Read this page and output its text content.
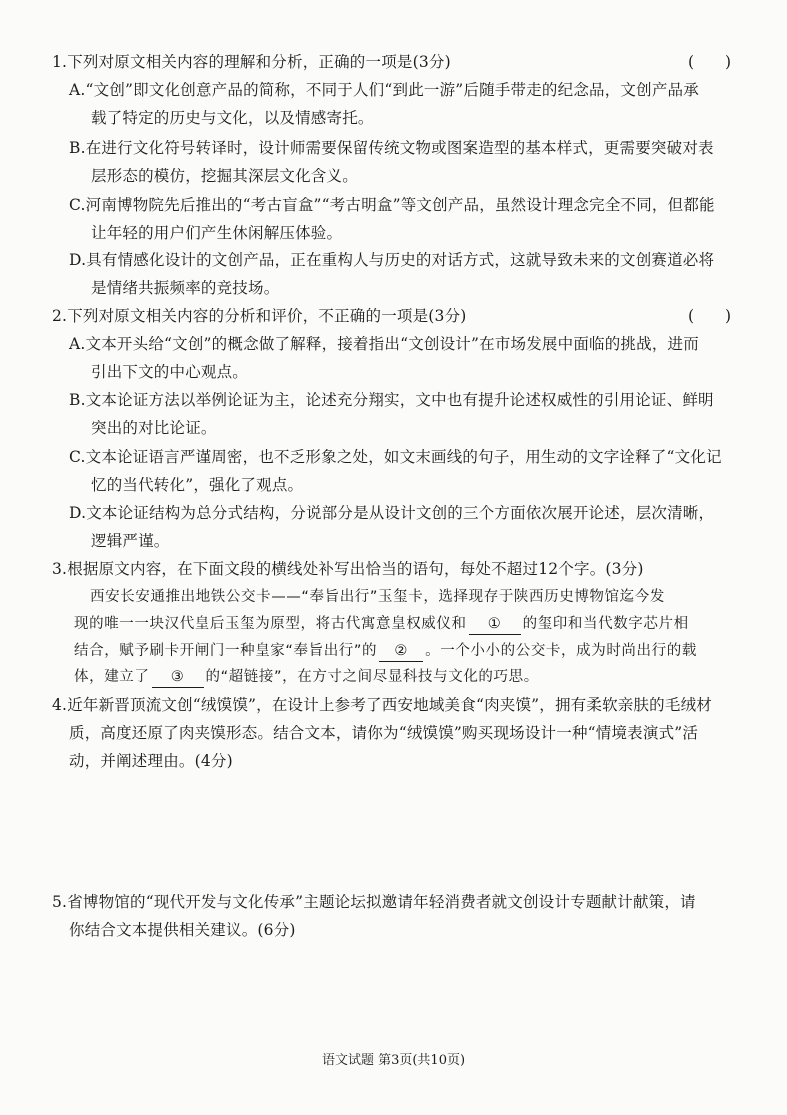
1.下列对原文相关内容的理解和分析，正确的一项是(3分)	(　　)
A.“文创”即文化创意产品的简称，不同于人们“到此一游”后随手带走的纪念品，文创产品承
载了特定的历史与文化，以及情感寄托。
B.在进行文化符号转译时，设计师需要保留传统文物或图案造型的基本样式，更需要突破对表
层形态的模仿，挖掘其深层文化含义。
C.河南博物院先后推出的“考古盲盒”“考古明盒”等文创产品，虽然设计理念完全不同，但都能
让年轻的用户们产生休闲解压体验。
D.具有情感化设计的文创产品，正在重构人与历史的对话方式，这就导致未来的文创赛道必将
是情绪共振频率的竞技场。
2.下列对原文相关内容的分析和评价，不正确的一项是(3分)	(　　)
A.文本开头给“文创”的概念做了解释，接着指出“文创设计”在市场发展中面临的挑战，进而
引出下文的中心观点。
B.文本论证方法以举例论证为主，论述充分翔实，文中也有提升论述权威性的引用论证、鲜明
突出的对比论证。
C.文本论证语言严谨周密，也不乏形象之处，如文末画线的句子，用生动的文字诠释了“文化记
忆的当代转化”，强化了观点。
D.文本论证结构为总分式结构，分说部分是从设计文创的三个方面依次展开论述，层次清晰，
逻辑严谨。
3.根据原文内容，在下面文段的横线处补写出恰当的语句，每处不超过12个字。(3分)
西安长安通推出地铁公交卡——“奉旨出行”玉玺卡，选择现存于陕西历史博物馆迄今发
现的唯一一块汉代皇后玉玺为原型，将古代寓意皇权威仪和 ① 的玺印和当代数字芯片相
结合，赋予刷卡开闸门一种皇家“奉旨出行”的 ② 。一个小小的公交卡，成为时尚出行的载
体，建立了 ③ 的“超链接”，在方寸之间尽显科技与文化的巧思。
4.近年新晋顶流文创“绒馍馍”，在设计上参考了西安地域美食“肉夹馍”，拥有柔软亲肤的毛绒材
质，高度还原了肉夹馍形态。结合文本，请你为“绒馍馍”购买现场设计一种“情境表演式”活
动，并阐述理由。(4分)
5.省博物馆的“现代开发与文化传承”主题论坛拟邀请年轻消费者就文创设计专题献计献策，请
你结合文本提供相关建议。(6分)
语文试题 第3页(共10页)
